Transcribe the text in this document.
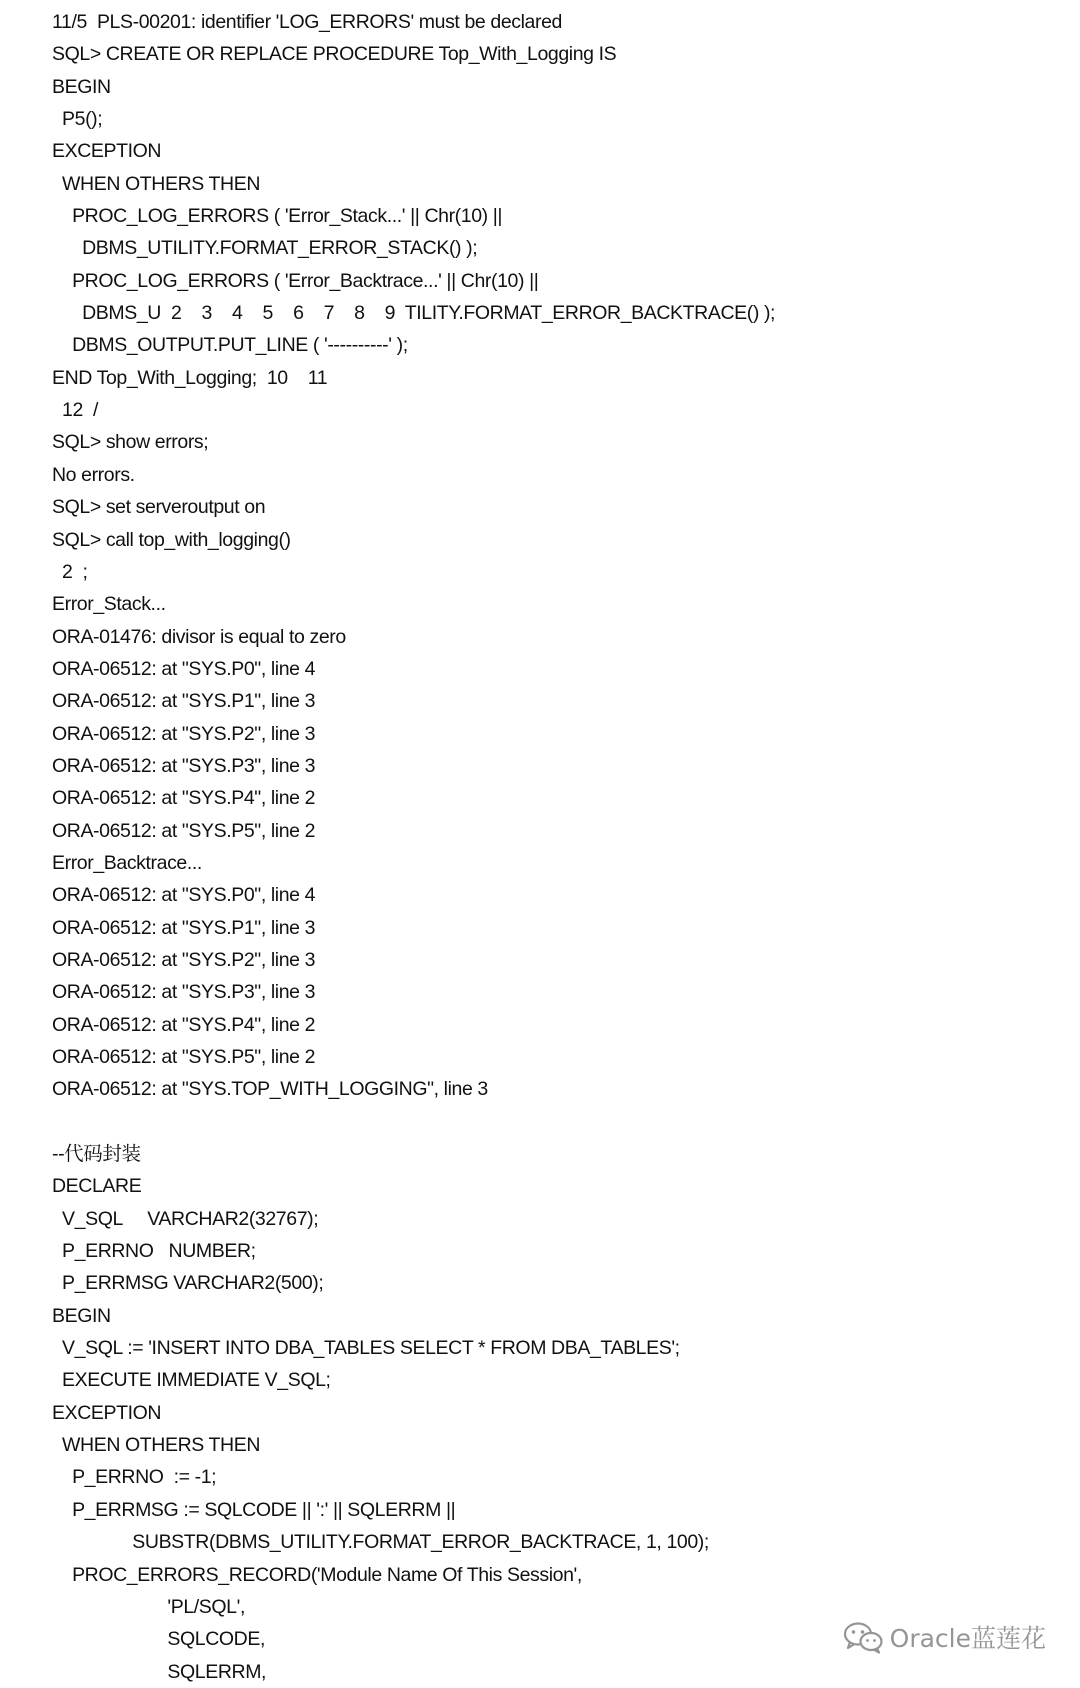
11/5  PLS-00201: identifier 'LOG_ERRORS' must be declared
SQL> CREATE OR REPLACE PROCEDURE Top_With_Logging IS
BEGIN
P5();
EXCEPTION
WHEN OTHERS THEN
PROC_LOG_ERRORS ( 'Error_Stack...' || Chr(10) ||
DBMS_UTILITY.FORMAT_ERROR_STACK() );
PROC_LOG_ERRORS ( 'Error_Backtrace...' || Chr(10) ||
DBMS_U  2    3    4    5    6    7    8    9  TILITY.FORMAT_ERROR_BACKTRACE() );
DBMS_OUTPUT.PUT_LINE ( '----------' );
END Top_With_Logging;  10    11
12  /
SQL> show errors;
No errors.
SQL> set serveroutput on
SQL> call top_with_logging()
2  ;
Error_Stack...
ORA-01476: divisor is equal to zero
ORA-06512: at "SYS.P0", line 4
ORA-06512: at "SYS.P1", line 3
ORA-06512: at "SYS.P2", line 3
ORA-06512: at "SYS.P3", line 3
ORA-06512: at "SYS.P4", line 2
ORA-06512: at "SYS.P5", line 2
Error_Backtrace...
ORA-06512: at "SYS.P0", line 4
ORA-06512: at "SYS.P1", line 3
ORA-06512: at "SYS.P2", line 3
ORA-06512: at "SYS.P3", line 3
ORA-06512: at "SYS.P4", line 2
ORA-06512: at "SYS.P5", line 2
ORA-06512: at "SYS.TOP_WITH_LOGGING", line 3
--代码封装
DECLARE
V_SQL     VARCHAR2(32767);
P_ERRNO   NUMBER;
P_ERRMSG VARCHAR2(500);
BEGIN
V_SQL := 'INSERT INTO DBA_TABLES SELECT * FROM DBA_TABLES';
EXECUTE IMMEDIATE V_SQL;
EXCEPTION
WHEN OTHERS THEN
P_ERRNO  := -1;
P_ERRMSG := SQLCODE || ':' || SQLERRM ||
SUBSTR(DBMS_UTILITY.FORMAT_ERROR_BACKTRACE, 1, 100);
PROC_ERRORS_RECORD('Module Name Of This Session',
'PL/SQL',
SQLCODE,
SQLERRM,
Oracle蓝莲花
